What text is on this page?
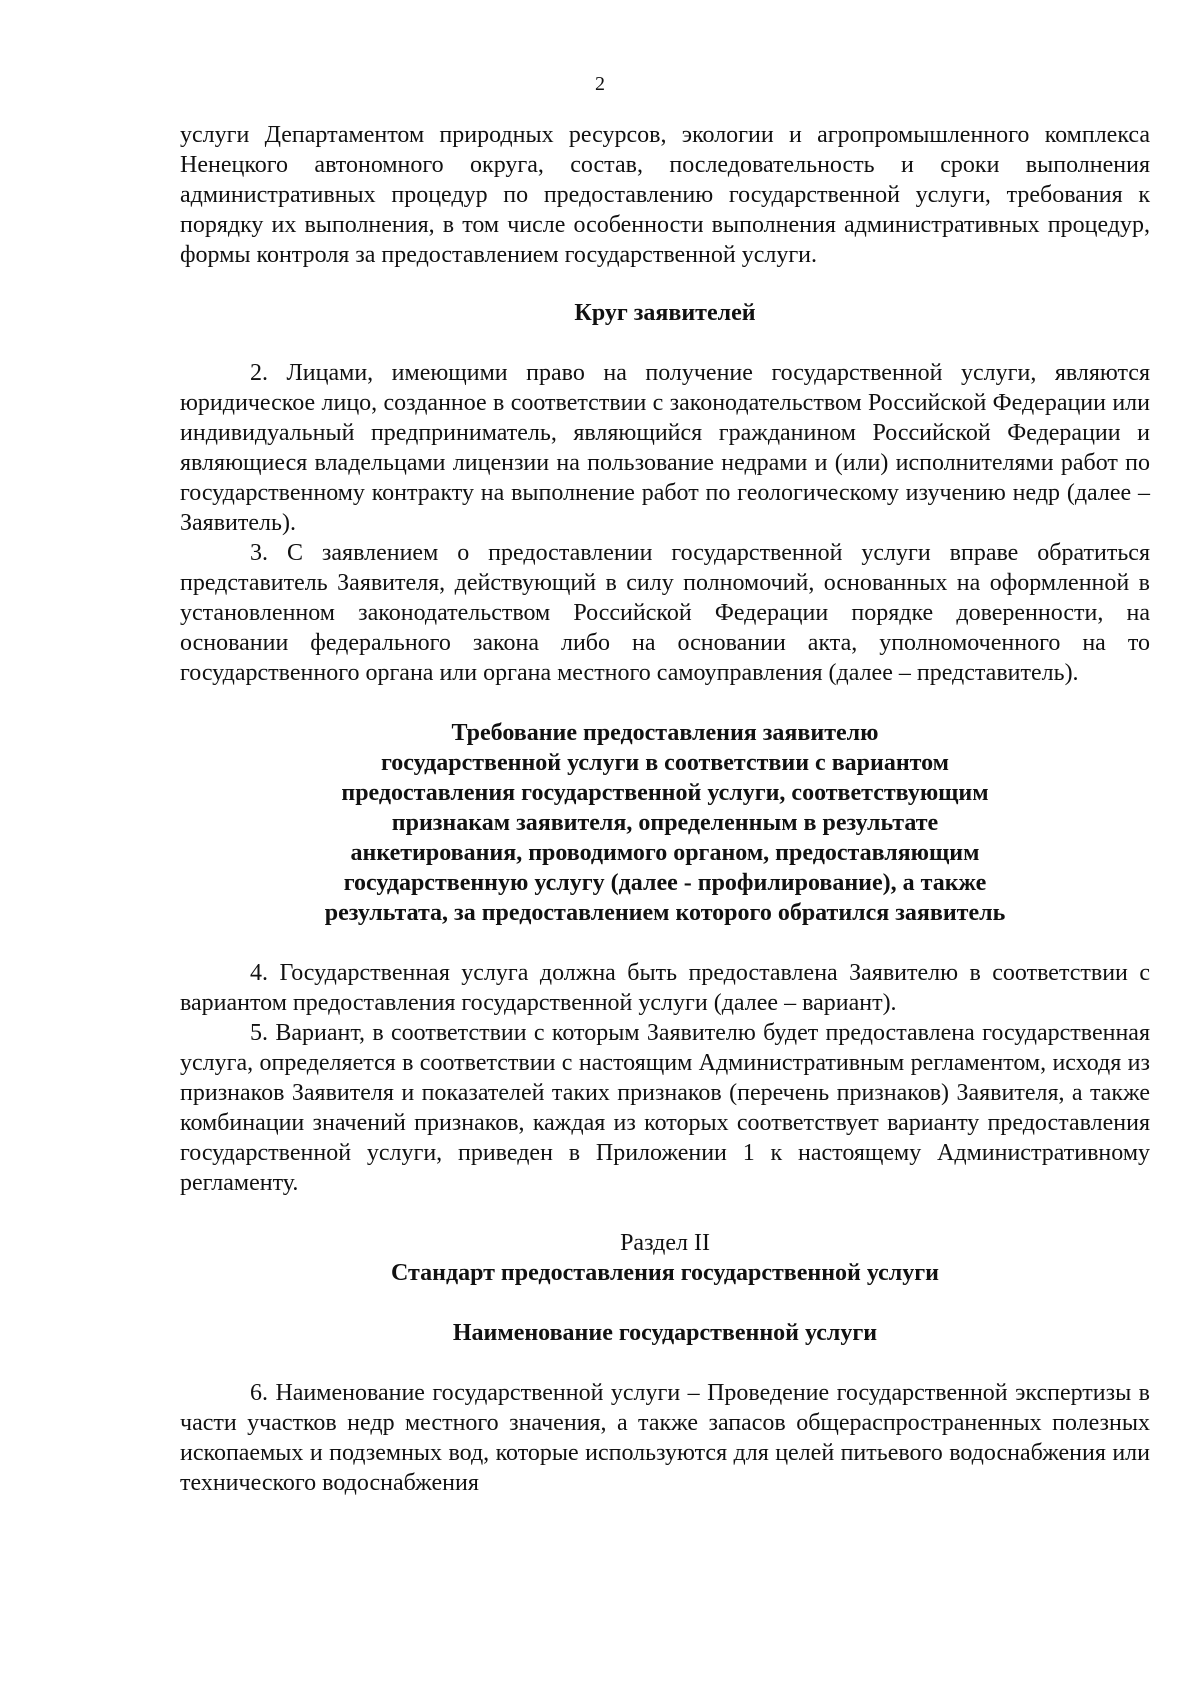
2

услуги Департаментом природных ресурсов, экологии и агропромышленного комплекса Ненецкого автономного округа, состав, последовательность и сроки выполнения административных процедур по предоставлению государственной услуги, требования к порядку их выполнения, в том числе особенности выполнения административных процедур, формы контроля за предоставлением государственной услуги.

Круг заявителей

2. Лицами, имеющими право на получение государственной услуги, являются юридическое лицо, созданное в соответствии с законодательством Российской Федерации или индивидуальный предприниматель, являющийся гражданином Российской Федерации и являющиеся владельцами лицензии на пользование недрами и (или) исполнителями работ по государственному контракту на выполнение работ по геологическому изучению недр (далее – Заявитель).

3. С заявлением о предоставлении государственной услуги вправе обратиться представитель Заявителя, действующий в силу полномочий, основанных на оформленной в установленном законодательством Российской Федерации порядке доверенности, на основании федерального закона либо на основании акта, уполномоченного на то государственного органа или органа местного самоуправления (далее – представитель).

Требование предоставления заявителю

государственной услуги в соответствии с вариантом

предоставления государственной услуги, соответствующим

признакам заявителя, определенным в результате

анкетирования, проводимого органом, предоставляющим

государственную услугу (далее - профилирование), а также

результата, за предоставлением которого обратился заявитель

4. Государственная услуга должна быть предоставлена Заявителю в соответствии с вариантом предоставления государственной услуги (далее – вариант).

5. Вариант, в соответствии с которым Заявителю будет предоставлена государственная услуга, определяется в соответствии с настоящим Административным регламентом, исходя из признаков Заявителя и показателей таких признаков (перечень признаков) Заявителя, а также комбинации значений признаков, каждая из которых соответствует варианту предоставления государственной услуги, приведен в Приложении 1 к настоящему Административному регламенту.

Раздел II

Стандарт предоставления государственной услуги

Наименование государственной услуги

6. Наименование государственной услуги – Проведение государственной экспертизы в части участков недр местного значения, а также запасов общераспространенных полезных ископаемых и подземных вод, которые используются для целей питьевого водоснабжения или технического водоснабжения
